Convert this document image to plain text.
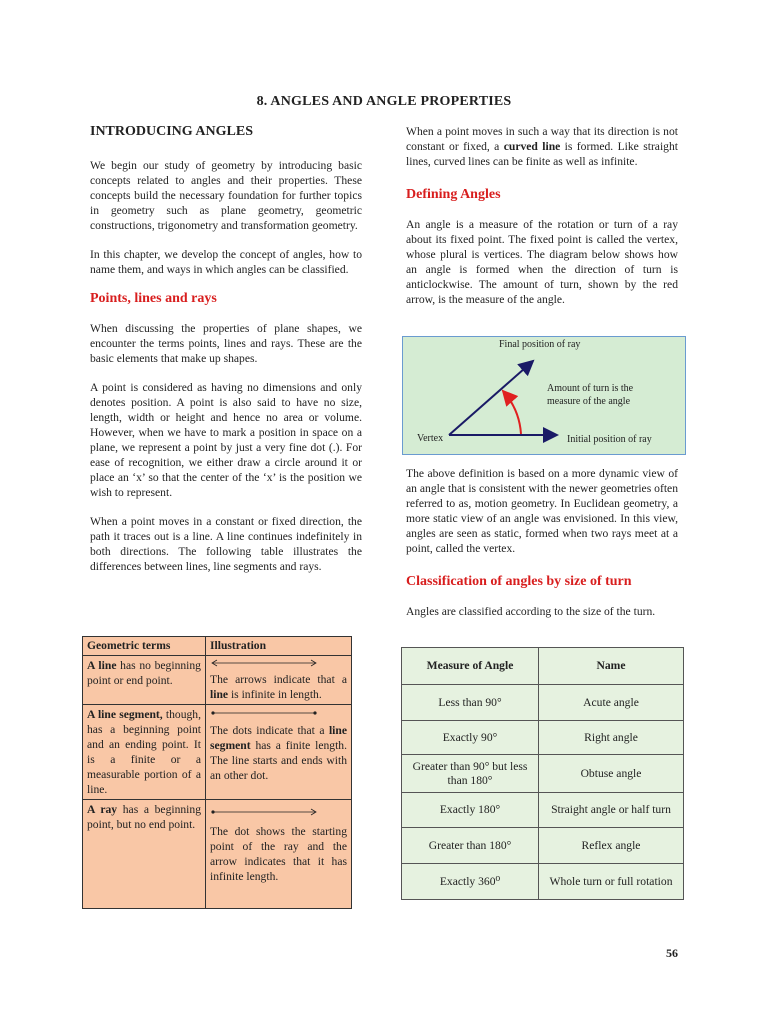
8. ANGLES AND ANGLE PROPERTIES
INTRODUCING ANGLES

We begin our study of geometry by introducing basic concepts related to angles and their properties. These concepts build the necessary foundation for further topics in geometry such as plane geometry, geometric constructions, trigonometry and transformation geometry.

In this chapter, we develop the concept of angles, how to name them, and ways in which angles can be classified.

Points, lines and rays

When discussing the properties of plane shapes, we encounter the terms points, lines and rays. These are the basic elements that make up shapes.

A point is considered as having no dimensions and only denotes position. A point is also said to have no size, length, width or height and hence no area or volume. However, when we have to mark a position in space on a plane, we represent a point by just a very fine dot (.). For ease of recognition, we either draw a circle around it or place an ‘x’ so that the center of the ‘x’ is the position we wish to represent.

When a point moves in a constant or fixed direction, the path it traces out is a line. A line continues indefinitely in both directions. The following table illustrates the differences between lines, line segments and rays.

Geometric terms	Illustration

A line has no beginning point or end point.	The arrows indicate that a line is infinite in length.

A line segment, though, has a beginning point and an ending point. It is a finite or a measurable portion of a line.	The dots indicate that a line segment has a finite length. The line starts and ends with an other dot.

A ray has a beginning point, but no end point.	The dot shows the starting point of the ray and the arrow indicates that it has infinite length.

When a point moves in such a way that its direction is not constant or fixed, a curved line is formed. Like straight lines, curved lines can be finite as well as infinite.

Defining Angles

An angle is a measure of the rotation or turn of a ray about its fixed point. The fixed point is called the vertex, whose plural is vertices. The diagram below shows how an angle is formed when the direction of turn is anticlockwise. The amount of turn, shown by the red arrow, is the measure of the angle.

Final position of ray
Amount of turn is the
measure of the angle
Vertex	Initial position of ray

The above definition is based on a more dynamic view of an angle that is consistent with the newer geometries often referred to as, motion geometry. In Euclidean geometry, a more static view of an angle was envisioned. In this view, angles are seen as static, formed when two rays meet at a point, called the vertex.

Classification of angles by size of turn

Angles are classified according to the size of the turn.

Measure of Angle	Name
Less than 90°	Acute angle
Exactly 90°	Right angle
Greater than 90° but less than 180°	Obtuse angle
Exactly 180°	Straight angle or half turn
Greater than 180°	Reflex angle
Exactly 360⁰	Whole turn or full rotation
56
